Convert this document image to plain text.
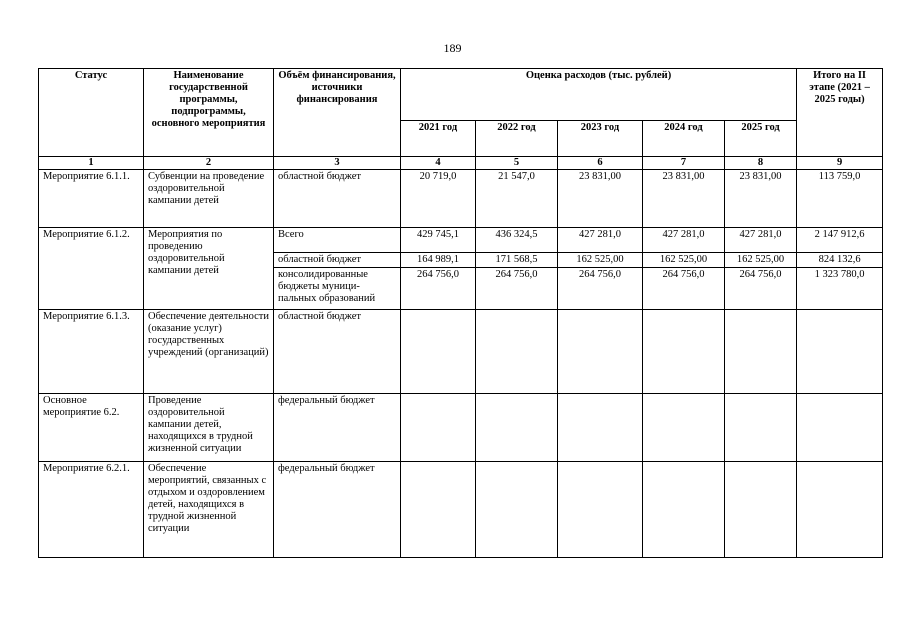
189
Статус	Наименование государственной программы, подпрограммы, основного мероприятия	Объём финансирования, источники финансирования	Оценка расходов (тыс. рублей)					Итого на II этапе (2021 – 2025 годы)
			2021 год	2022 год	2023 год	2024 год	2025 год	
1	2	3	4	5	6	7	8	9
Мероприятие 6.1.1.	Субвенции на проведение оздоровительной кампании детей	областной бюджет	20 719,0	21 547,0	23 831,00	23 831,00	23 831,00	113 759,0
Мероприятие 6.1.2.	Мероприятия по проведению оздоровительной кампании детей	Всего	429 745,1	436 324,5	427 281,0	427 281,0	427 281,0	2 147 912,6
		областной бюджет	164 989,1	171 568,5	162 525,00	162 525,00	162 525,00	824 132,6
		консолидированные бюджеты муници-пальных образований	264 756,0	264 756,0	264 756,0	264 756,0	264 756,0	1 323 780,0
Мероприятие 6.1.3.	Обеспечение деятельности (оказание услуг) государственных учреждений (организаций)	областной бюджет						
Основное мероприятие 6.2.	Проведение оздоровительной кампании детей, находящихся в трудной жизненной ситуации	федеральный бюджет						
Мероприятие 6.2.1.	Обеспечение мероприятий, связанных с отдыхом и оздоровлением детей, находящихся в трудной жизненной ситуации	федеральный бюджет						
